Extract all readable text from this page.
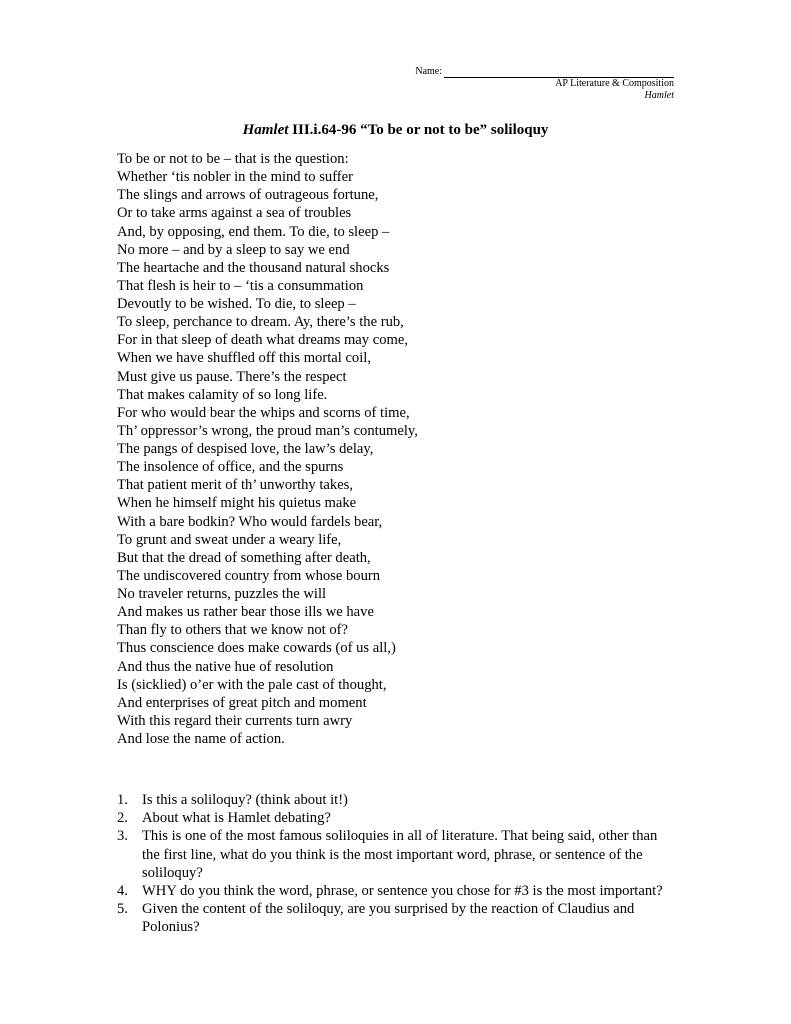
Name:
AP Literature & Composition
Hamlet
Hamlet III.i.64-96 “To be or not to be” soliloquy
To be or not to be – that is the question:
Whether ‘tis nobler in the mind to suffer
The slings and arrows of outrageous fortune,
Or to take arms against a sea of troubles
And, by opposing, end them. To die, to sleep –
No more – and by a sleep to say we end
The heartache and the thousand natural shocks
That flesh is heir to – ‘tis a consummation
Devoutly to be wished. To die, to sleep –
To sleep, perchance to dream. Ay, there’s the rub,
For in that sleep of death what dreams may come,
When we have shuffled off this mortal coil,
Must give us pause. There’s the respect
That makes calamity of so long life.
For who would bear the whips and scorns of time,
Th’ oppressor’s wrong, the proud man’s contumely,
The pangs of despised love, the law’s delay,
The insolence of office, and the spurns
That patient merit of th’ unworthy takes,
When he himself might his quietus make
With a bare bodkin? Who would fardels bear,
To grunt and sweat under a weary life,
But that the dread of something after death,
The undiscovered country from whose bourn
No traveler returns, puzzles the will
And makes us rather bear those ills we have
Than fly to others that we know not of?
Thus conscience does make cowards (of us all,)
And thus the native hue of resolution
Is (sicklied) o’er with the pale cast of thought,
And enterprises of great pitch and moment
With this regard their currents turn awry
And lose the name of action.
1. Is this a soliloquy? (think about it!)
2. About what is Hamlet debating?
3. This is one of the most famous soliloquies in all of literature. That being said, other than the first line, what do you think is the most important word, phrase, or sentence of the soliloquy?
4. WHY do you think the word, phrase, or sentence you chose for #3 is the most important?
5. Given the content of the soliloquy, are you surprised by the reaction of Claudius and Polonius?
